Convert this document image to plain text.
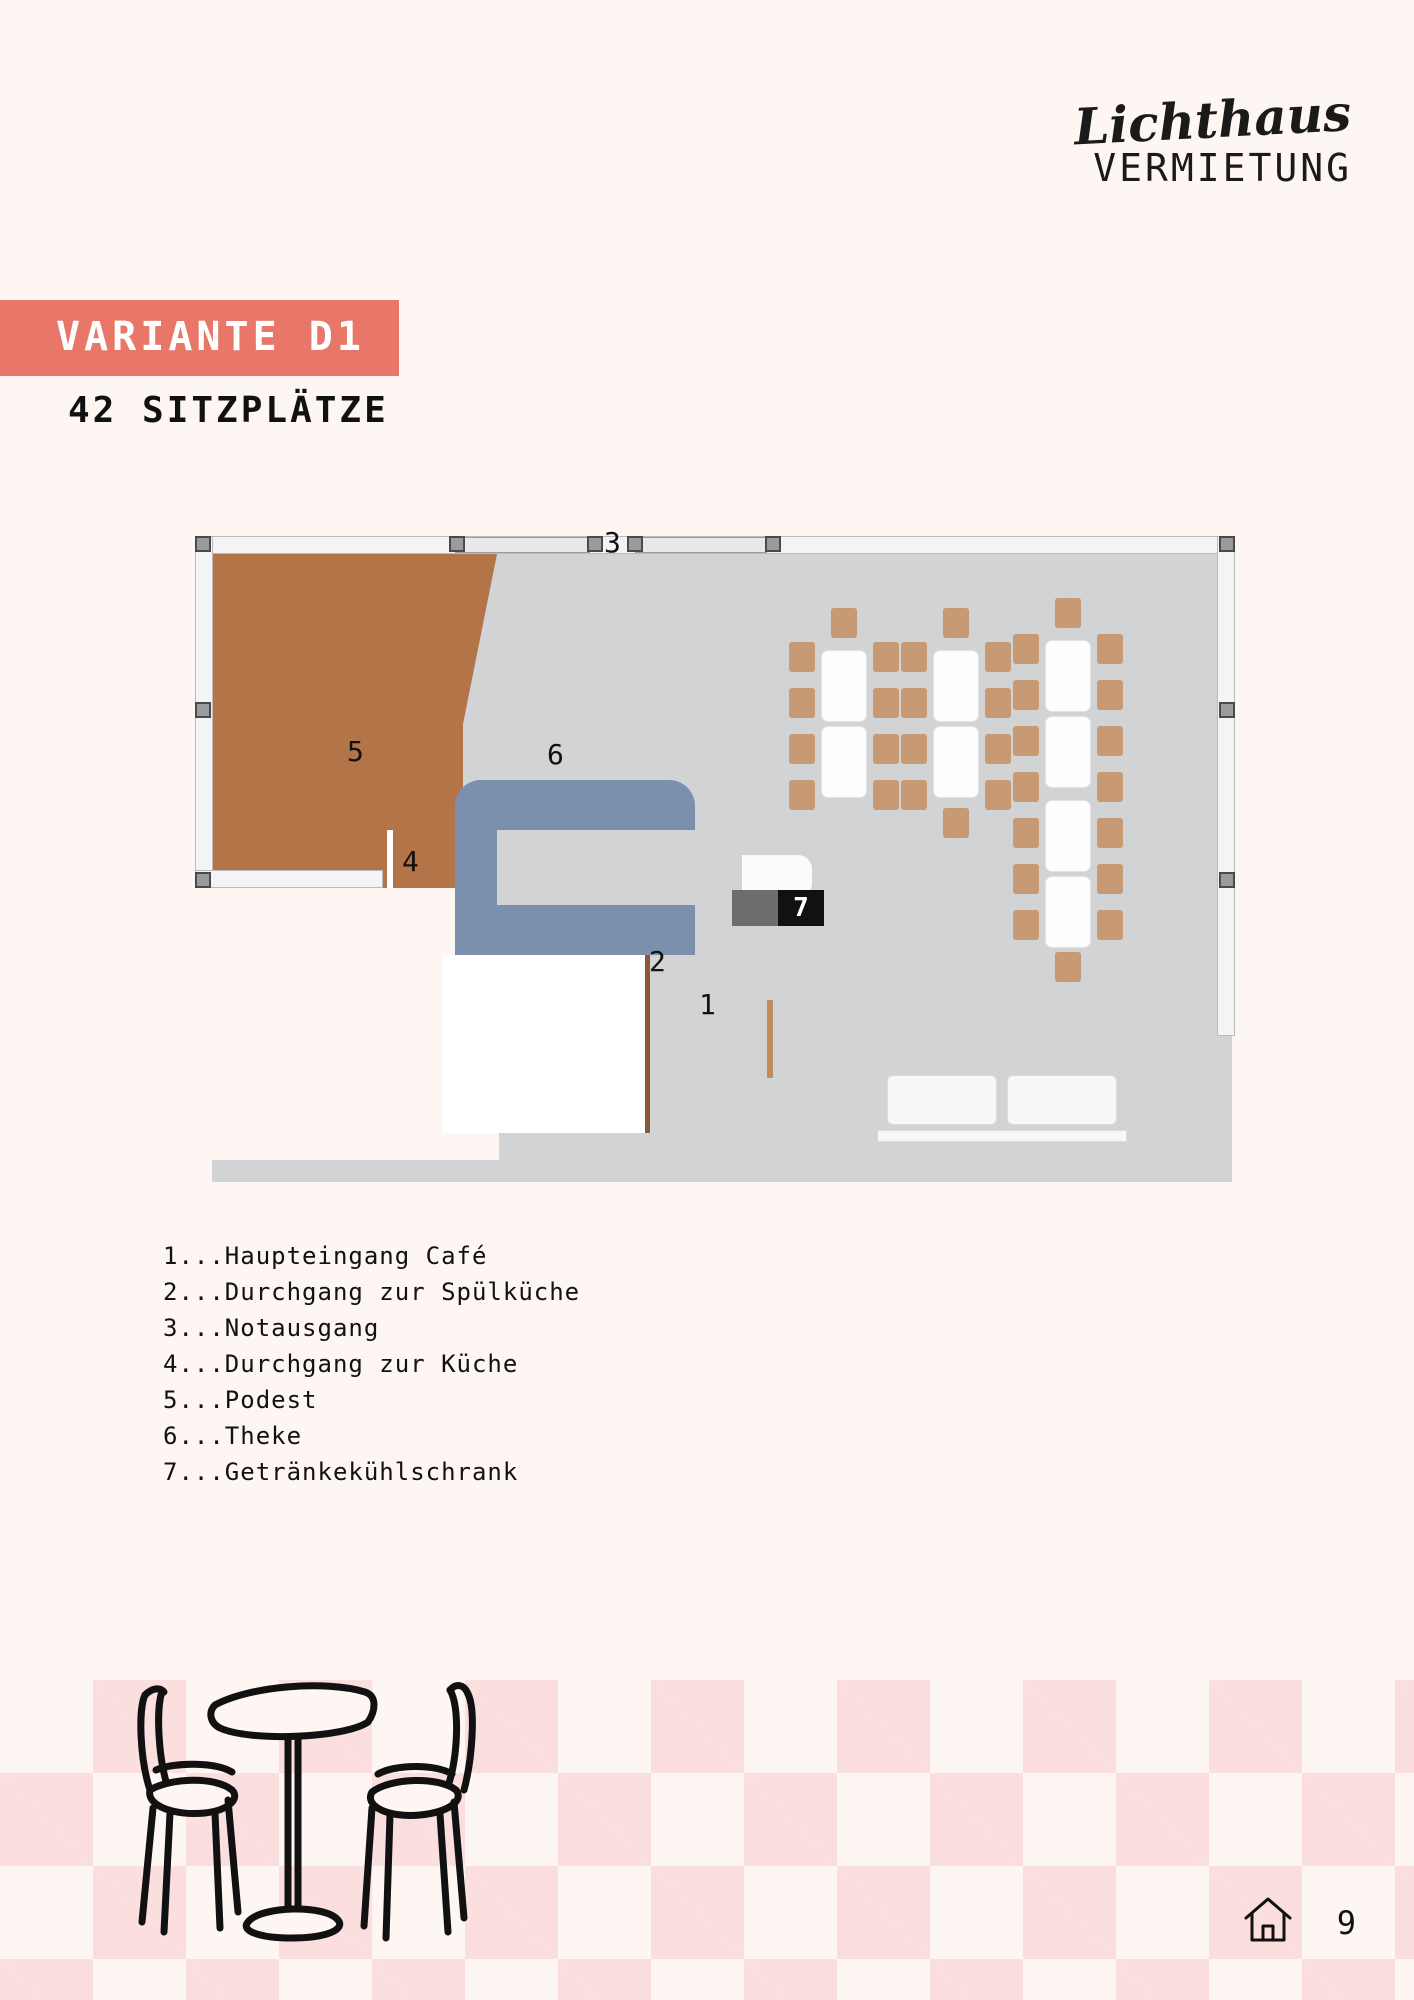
Lichthaus
VERMIETUNG
VARIANTE D1
42 SITZPLÄTZE
7
3
5	6
4
2
1
1...Haupteingang Café
2...Durchgang zur Spülküche
3...Notausgang
4...Durchgang zur Küche
5...Podest
6...Theke
7...Getränkekühlschrank
9
